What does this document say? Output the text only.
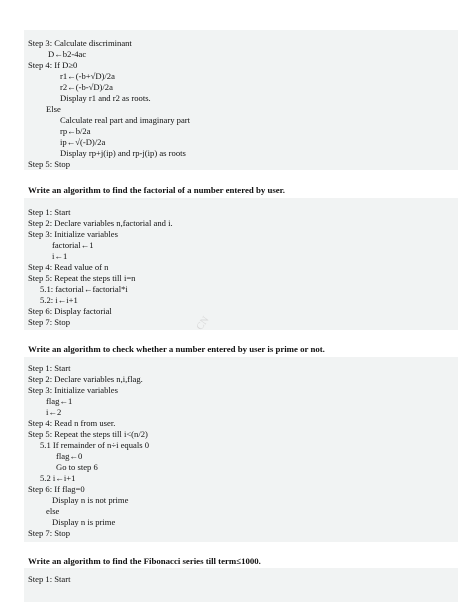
Step 3: Calculate discriminant
D←b2-4ac
Step 4: If D≥0
r1←(-b+√D)/2a
r2←(-b-√D)/2a
Display r1 and r2 as roots.
Else
Calculate real part and imaginary part
rp←b/2a
ip←√(-D)/2a
Display rp+j(ip) and rp-j(ip) as roots
Step 5: Stop
Write an algorithm to find the factorial of a number entered by user.
Step 1: Start
Step 2: Declare variables n,factorial and i.
Step 3: Initialize variables
factorial←1
i←1
Step 4: Read value of n
Step 5: Repeat the steps till i=n
5.1: factorial←factorial*i
5.2: i←i+1
Step 6: Display factorial
Step 7: Stop
Write an algorithm to check whether a number entered by user is prime or not.
Step 1: Start
Step 2: Declare variables n,i,flag.
Step 3: Initialize variables
flag←1
i←2
Step 4: Read n from user.
Step 5: Repeat the steps till i<(n/2)
5.1 If remainder of n÷i equals 0
flag←0
Go to step 6
5.2 i←i+1
Step 6: If flag=0
Display n is not prime
else
Display n is prime
Step 7: Stop
Write an algorithm to find the Fibonacci series till term≤1000.
Step 1: Start
CN
